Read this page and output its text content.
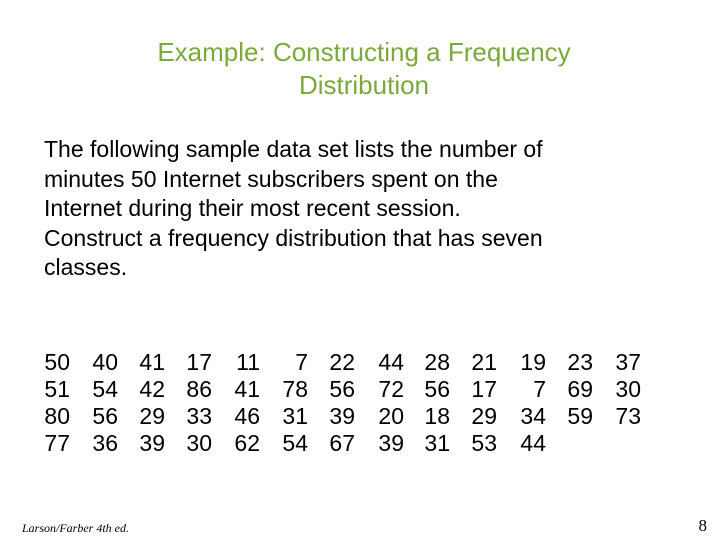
Example: Constructing a Frequency
Distribution
The following sample data set lists the number of
minutes 50 Internet subscribers spent on the
Internet during their most recent session.
Construct a frequency distribution that has seven
classes.
50 40 41 17	11	7 22	44 28 21	19 23 37
51 54 42 86 41 78 56	72 56 17	7 69 30
80 56 29 33 46 31 39	20 18 29	34 59 73
77 36 39 30 62 54 67	39 31 53	44
Larson/Farber 4th ed.	8
